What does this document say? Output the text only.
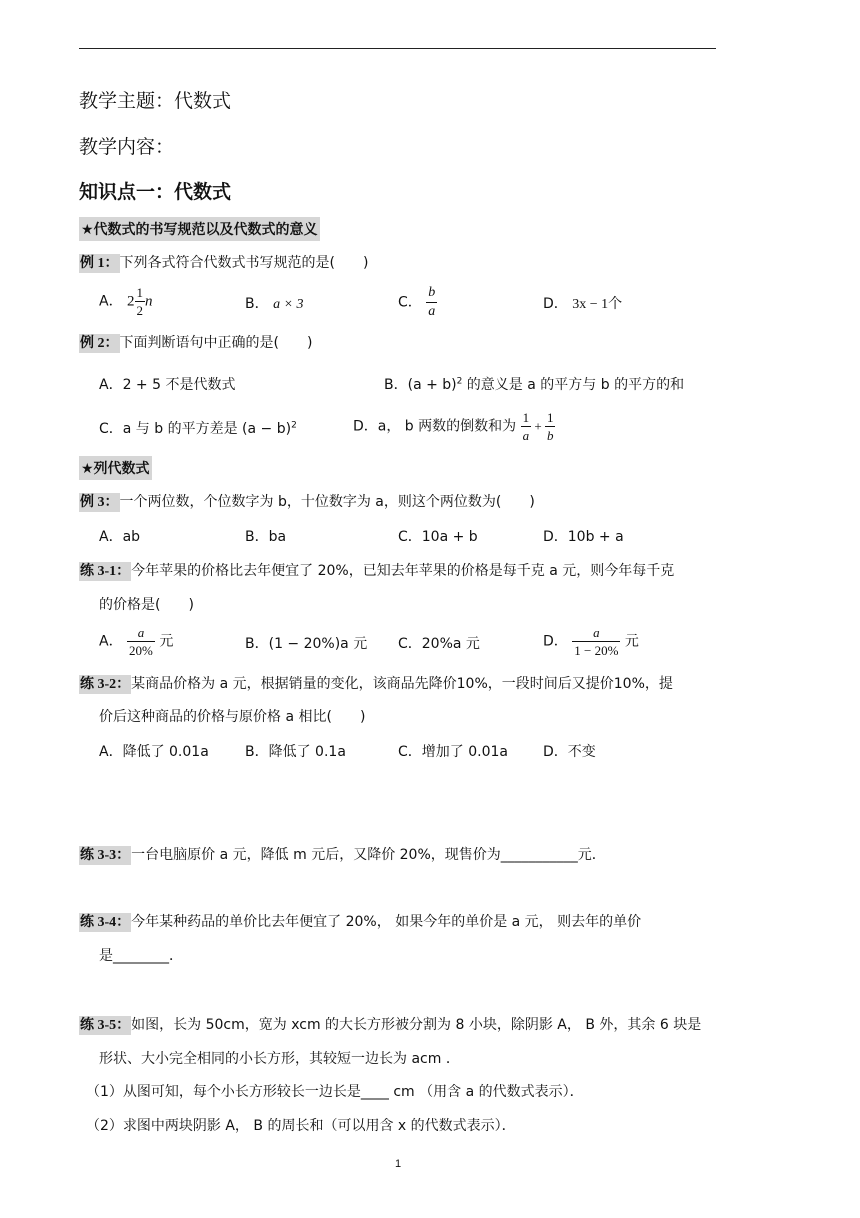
教学主题：代数式
教学内容：
知识点一：代数式
★代数式的书写规范以及代数式的意义
例 1：下列各式符合代数式书写规范的是(　　)
A． $2 \frac{1}{2}$ n	B． a × 3	C． $\frac{b}{a}$	D． 3x − 1个
例 2：下面判断语句中正确的是(　　)
A．2 + 5 不是代数式	B．$(a + b)^2$ 的意义是 a 的平方与 b 的平方的和
C．a 与 b 的平方差是 $(a - b)^2$	D．a， b 两数的倒数和为 $\frac{1}{a} + \frac{1}{b}$
★列代数式
例 3：一个两位数，个位数字为 b，十位数字为 a，则这个两位数为(　　)
A．ab	B．ba	C．10a + b	D．10b + a
练 3-1：今年苹果的价格比去年便宜了 20%，已知去年苹果的价格是每千克 a 元，则今年每千克
的价格是(　　)
A． $\frac{a}{20\%}$ 元	B．(1 − 20%)a 元 C．20%a 元	D． $\frac{a}{1 - 20\%}$ 元
练 3-2：某商品价格为 a 元，根据销量的变化，该商品先降价10%，一段时间后又提价10%，提
价后这种商品的价格与原价格 a 相比(　　)
A．降低了 0.01a	B．降低了 0.1a	C．增加了 0.01a	D．不变
练 3-3：一台电脑原价 a 元，降低 m 元后，又降价 20%，现售价为___________元．
练 3-4：今年某种药品的单价比去年便宜了 20%， 如果今年的单价是 a 元， 则去年的单价
是________．
练 3-5：如图，长为 50cm，宽为 xcm 的大长方形被分割为 8 小块，除阴影 A， B 外，其余 6 块是
形状、大小完全相同的小长方形，其较短一边长为 acm ．
（1）从图可知，每个小长方形较长一边长是____ cm （用含 a 的代数式表示）．
（2）求图中两块阴影 A， B 的周长和（可以用含 x 的代数式表示）．
1
